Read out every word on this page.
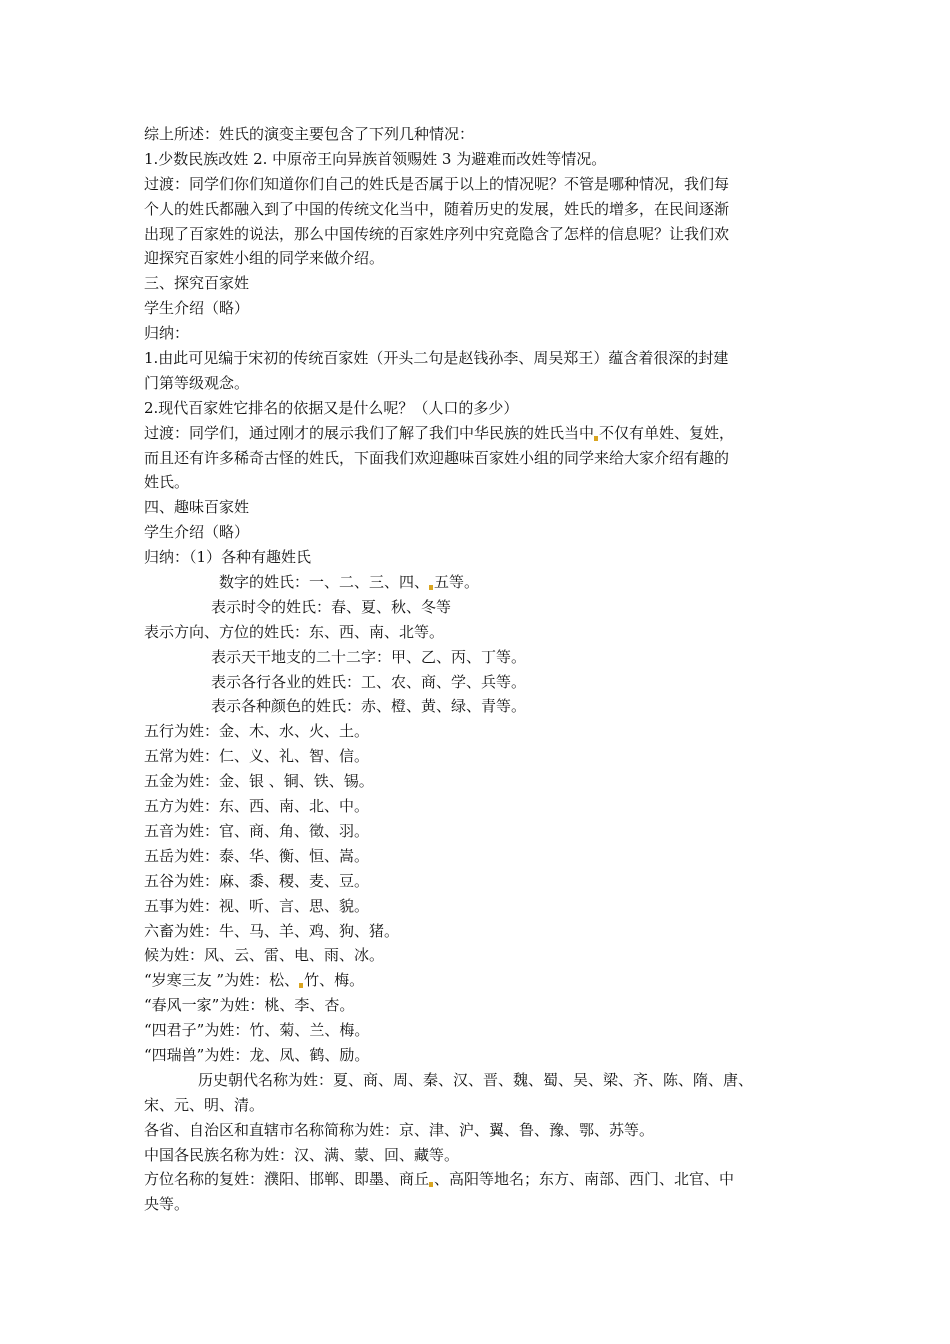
综上所述：姓氏的演变主要包含了下列几种情况：
1.少数民族改姓 2. 中原帝王向异族首领赐姓 3 为避难而改姓等情况。
过渡：同学们你们知道你们自己的姓氏是否属于以上的情况呢？不管是哪种情况，我们每
个人的姓氏都融入到了中国的传统文化当中，随着历史的发展，姓氏的增多，在民间逐渐
出现了百家姓的说法，那么中国传统的百家姓序列中究竟隐含了怎样的信息呢？让我们欢
迎探究百家姓小组的同学来做介绍。
三、探究百家姓
学生介绍（略）
归纳：
1.由此可见编于宋初的传统百家姓（开头二句是赵钱孙李、周吴郑王）蕴含着很深的封建
门第等级观念。
2.现代百家姓它排名的依据又是什么呢？（人口的多少）
过渡：同学们，通过刚才的展示我们了解了我们中华民族的姓氏当中 不仅有单姓、复姓，
而且还有许多稀奇古怪的姓氏，下面我们欢迎趣味百家姓小组的同学来给大家介绍有趣的
姓氏。
四、趣味百家姓
学生介绍（略）
归纳：（1）各种有趣姓氏
数字的姓氏：一、二、三、四、 五等。
表示时令的姓氏：春、夏、秋、冬等
表示方向、方位的姓氏：东、西、南、北等。
表示天干地支的二十二字：甲、乙、丙、丁等。
表示各行各业的姓氏：工、农、商、学、兵等。
表示各种颜色的姓氏：赤、橙、黄、绿、青等。
五行为姓：金、木、水、火、土。
五常为姓：仁、义、礼、智、信。
五金为姓：金、银 、铜、铁、锡。
五方为姓：东、西、南、北、中。
五音为姓：官、商、角、徵、羽。
五岳为姓：泰、华、衡、恒、嵩。
五谷为姓：麻、黍、稷、麦、豆。
五事为姓：视、听、言、思、貌。
六畜为姓：牛、马、羊、鸡、狗、猪。
候为姓：风、云、雷、电、雨、冰。
“岁寒三友 ”为姓：松、 竹、梅。
“春风一家”为姓：桃、李、杏。
“四君子”为姓：竹、菊、兰、梅。
“四瑞兽”为姓：龙、凤、鹤、励。
历史朝代名称为姓：夏、商、周、秦、汉、晋、魏、蜀、吴、梁、齐、陈、隋、唐、
宋、元、明、清。
各省、自治区和直辖市名称简称为姓：京、津、沪、翼、鲁、豫、鄂、苏等。
中国各民族名称为姓：汉、满、蒙、回、藏等。
方位名称的复姓：濮阳、邯郸、即墨、商丘 、高阳等地名；东方、南部、西门、北官、中
央等。
